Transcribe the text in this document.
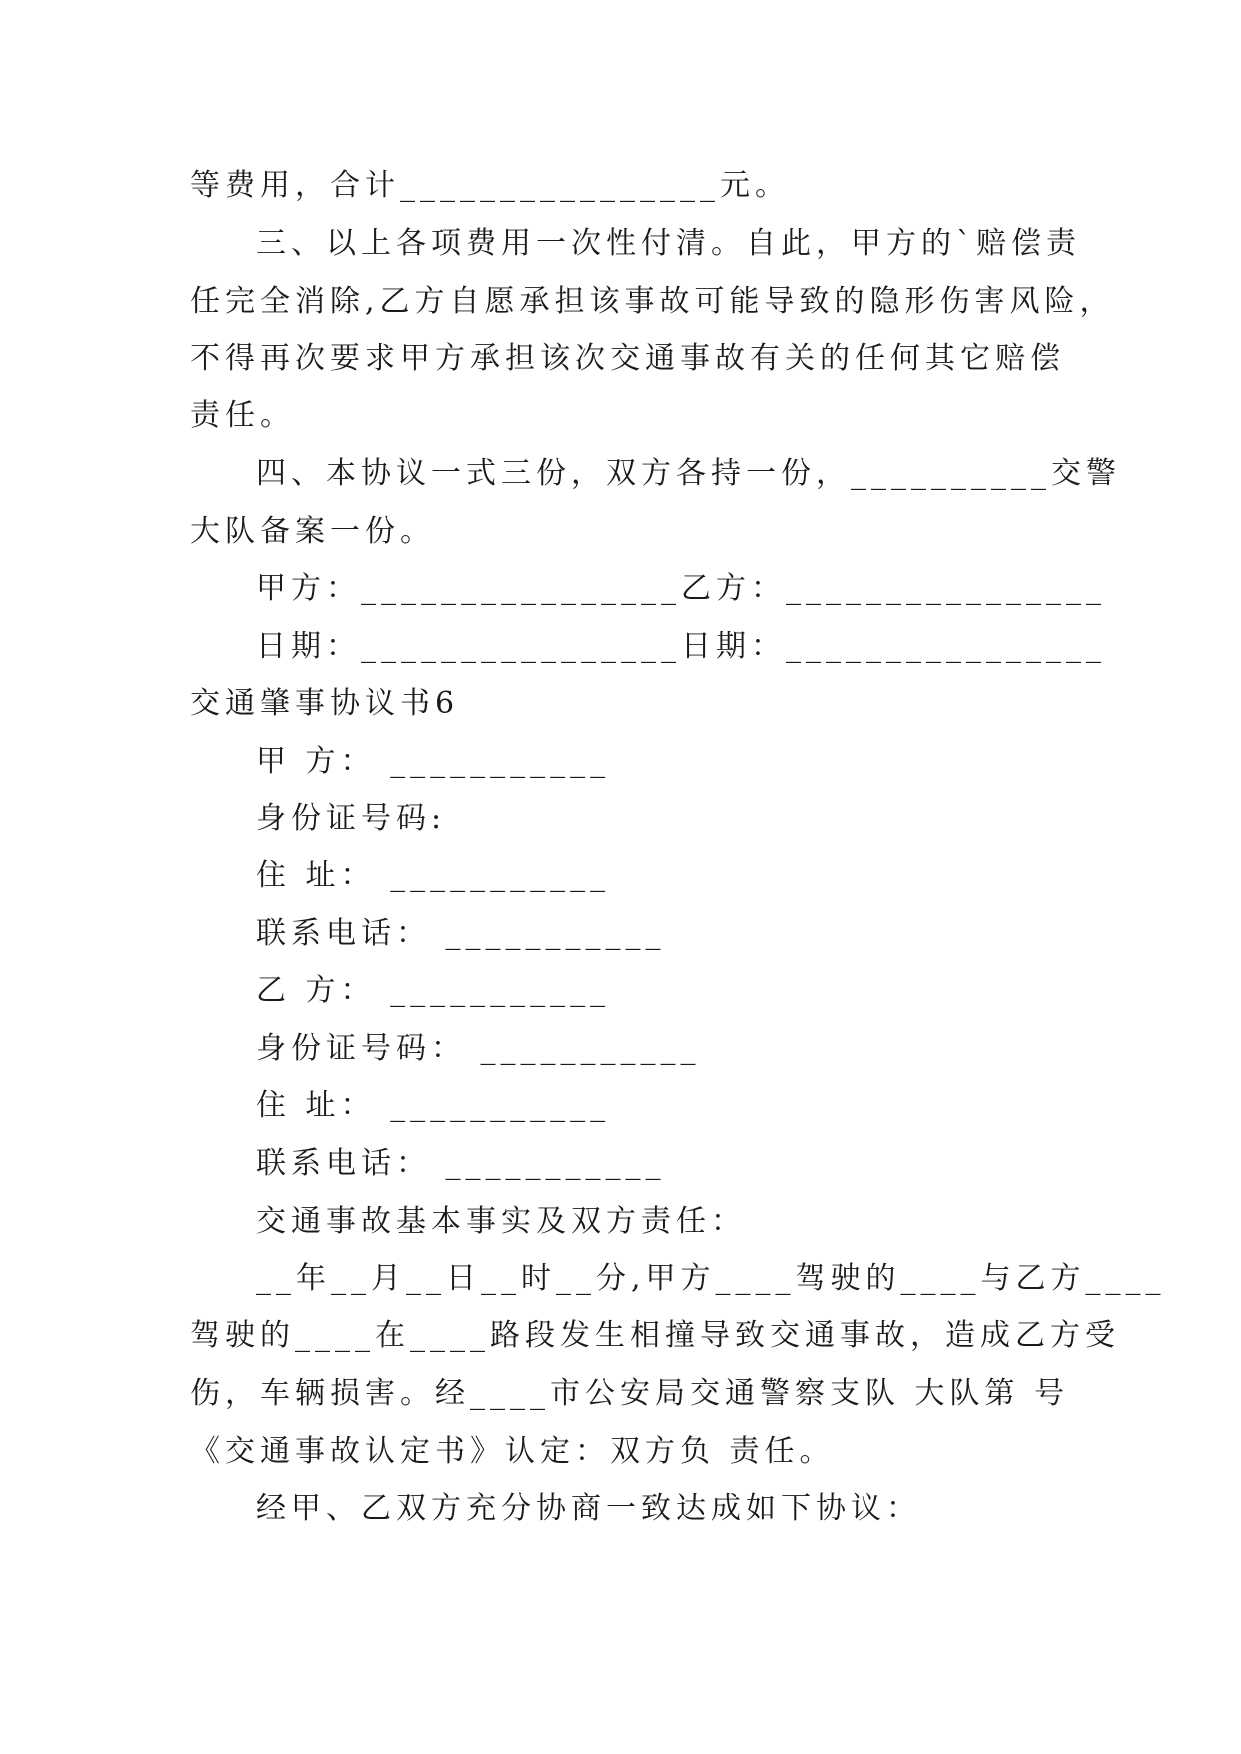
等费用，合计________________元。
三、以上各项费用一次性付清。自此，甲方的`赔偿责
任完全消除,乙方自愿承担该事故可能导致的隐形伤害风险，
不得再次要求甲方承担该次交通事故有关的任何其它赔偿
责任。
四、本协议一式三份，双方各持一份，__________交警
大队备案一份。
甲方：________________乙方：________________
日期：________________日期：________________
交通肇事协议书6
甲 方： ___________
身份证号码:
住 址： ___________
联系电话： ___________
乙 方： ___________
身份证号码： ___________
住 址： ___________
联系电话： ___________
交通事故基本事实及双方责任：
__年__月__日__时__分,甲方____驾驶的____与乙方____
驾驶的____在____路段发生相撞导致交通事故，造成乙方受
伤，车辆损害。经____市公安局交通警察支队 大队第 号
《交通事故认定书》认定：双方负 责任。
经甲、乙双方充分协商一致达成如下协议：
